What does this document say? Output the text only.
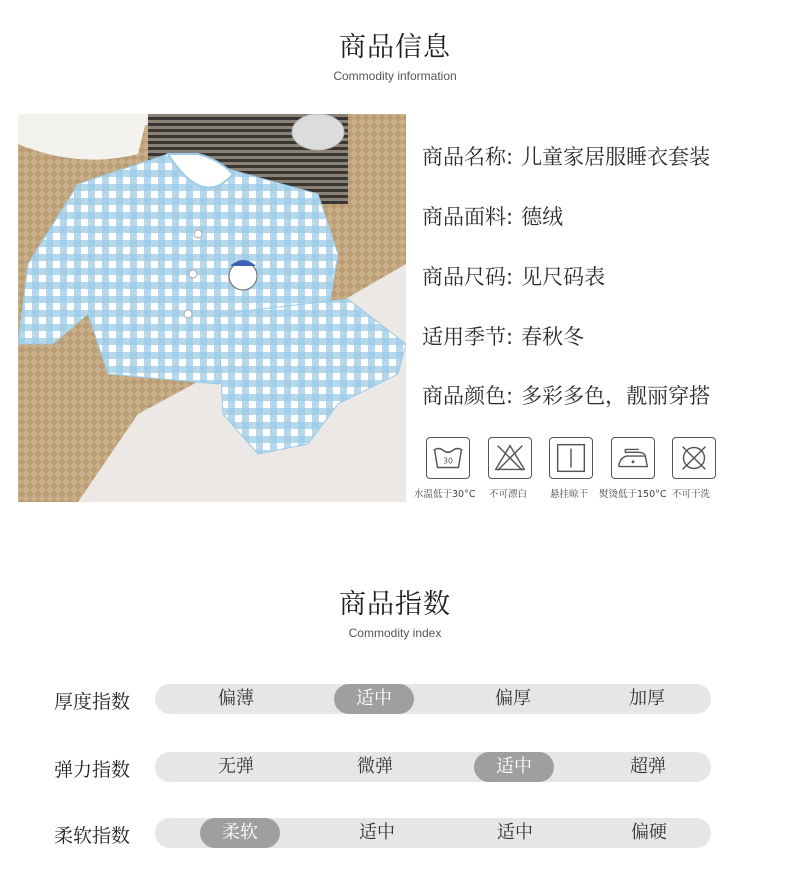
商品信息
Commodity information
商品名称: 儿童家居服睡衣套装
商品面料: 德绒
商品尺码: 见尺码表
适用季节: 春秋冬
商品颜色: 多彩多色，靓丽穿搭
30
水温低于30°C 不可漂白 悬挂晾干 熨烫低于150°C 不可干洗
商品指数
Commodity index
厚度指数	偏薄	适中	偏厚	加厚
弹力指数	无弹	微弹	适中	超弹
柔软指数	柔软	适中	适中	偏硬
